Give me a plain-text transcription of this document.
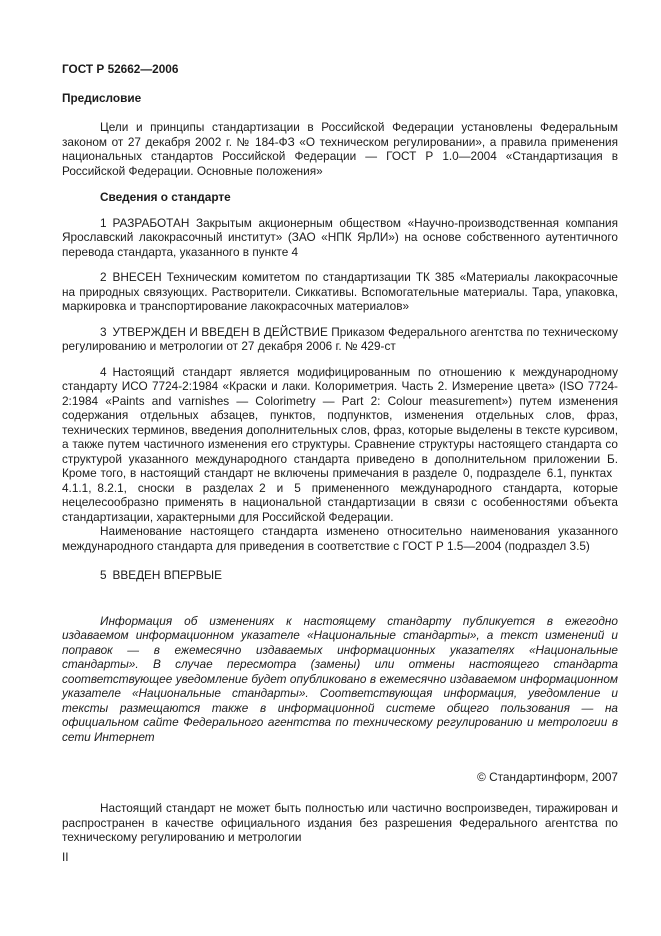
ГОСТ Р 52662—2006

Предисловие

Цели и принципы стандартизации в Российской Федерации установлены Федеральным законом от 27 декабря 2002 г. № 184-ФЗ «О техническом регулировании», а правила применения национальных стандартов Российской Федерации — ГОСТ Р 1.0—2004 «Стандартизация в Российской Федерации. Основные положения»

Сведения о стандарте

1 РАЗРАБОТАН Закрытым акционерным обществом «Научно-производственная компания Ярославский лакокрасочный институт» (ЗАО «НПК ЯрЛИ») на основе собственного аутентичного перевода стандарта, указанного в пункте 4

2 ВНЕСЕН Техническим комитетом по стандартизации ТК 385 «Материалы лакокрасочные на природных связующих. Растворители. Сиккативы. Вспомогательные материалы. Тара, упаковка, маркировка и транспортирование лакокрасочных материалов»

3 УТВЕРЖДЕН И ВВЕДЕН В ДЕЙСТВИЕ Приказом Федерального агентства по техническому регулированию и метрологии от 27 декабря 2006 г. № 429-ст

4 Настоящий стандарт является модифицированным по отношению к международному стандарту ИСО 7724-2:1984 «Краски и лаки. Колориметрия. Часть 2. Измерение цвета» (ISO 7724-2:1984 «Paints and varnishes — Colorimetry — Part 2: Colour measurement») путем изменения содержания отдельных абзацев, пунктов, подпунктов, изменения отдельных слов, фраз, технических терминов, введения дополнительных слов, фраз, которые выделены в тексте курсивом, а также путем частичного изменения его структуры. Сравнение структуры настоящего стандарта со структурой указанного международного стандарта приведено в дополнительном приложении Б. Кроме того, в настоящий стандарт не включены примечания в разделе 0, подразделе 6.1, пунктах 4.1.1, 8.2.1, сноски в разделах 2 и 5 примененного международного стандарта, которые нецелесообразно применять в национальной стандартизации в связи с особенностями объекта стандартизации, характерными для Российской Федерации.

Наименование настоящего стандарта изменено относительно наименования указанного международного стандарта для приведения в соответствие с ГОСТ Р 1.5—2004 (подраздел 3.5)

5 ВВЕДЕН ВПЕРВЫЕ

Информация об изменениях к настоящему стандарту публикуется в ежегодно издаваемом информационном указателе «Национальные стандарты», а текст изменений и поправок — в ежемесячно издаваемых информационных указателях «Национальные стандарты». В случае пересмотра (замены) или отмены настоящего стандарта соответствующее уведомление будет опубликовано в ежемесячно издаваемом информационном указателе «Национальные стандарты». Соответствующая информация, уведомление и тексты размещаются также в информационной системе общего пользования — на официальном сайте Федерального агентства по техническому регулированию и метрологии в сети Интернет

© Стандартинформ, 2007

Настоящий стандарт не может быть полностью или частично воспроизведен, тиражирован и распространен в качестве официального издания без разрешения Федерального агентства по техническому регулированию и метрологии

II
